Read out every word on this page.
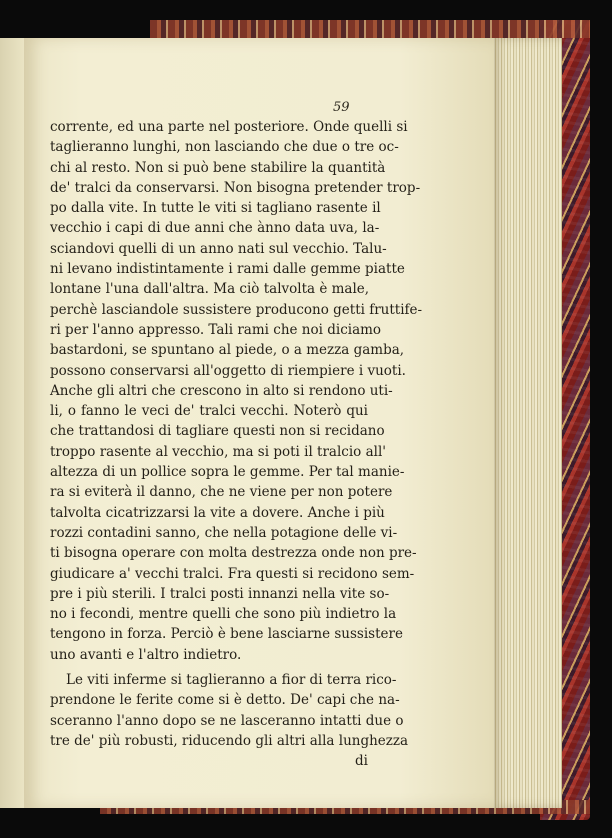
59
corrente, ed una parte nel posteriore. Onde quelli si
taglieranno lunghi, non lasciando che due o tre oc-
chi al resto. Non si può bene stabilire la quantità
de' tralci da conservarsi. Non bisogna pretender trop-
po dalla vite. In tutte le viti si tagliano rasente il
vecchio i capi di due anni che ànno data uva, la-
sciandovi quelli di un anno nati sul vecchio. Talu-
ni levano indistintamente i rami dalle gemme piatte
lontane l'una dall'altra. Ma ciò talvolta è male,
perchè lasciandole sussistere producono getti fruttife-
ri per l'anno appresso. Tali rami che noi diciamo
bastardoni, se spuntano al piede, o a mezza gamba,
possono conservarsi all'oggetto di riempiere i vuoti.
Anche gli altri che crescono in alto si rendono uti-
li, o fanno le veci de' tralci vecchi. Noterò qui
che trattandosi di tagliare questi non si recidano
troppo rasente al vecchio, ma si poti il tralcio all'
altezza di un pollice sopra le gemme. Per tal manie-
ra si eviterà il danno, che ne viene per non potere
talvolta cicatrizzarsi la vite a dovere. Anche i più
rozzi contadini sanno, che nella potagione delle vi-
ti bisogna operare con molta destrezza onde non pre-
giudicare a' vecchi tralci. Fra questi si recidono sem-
pre i più sterili. I tralci posti innanzi nella vite so-
no i fecondi, mentre quelli che sono più indietro la
tengono in forza. Perciò è bene lasciarne sussistere
uno avanti e l'altro indietro.
Le viti inferme si taglieranno a fior di terra rico-
prendone le ferite come si è detto. De' capi che na-
sceranno l'anno dopo se ne lasceranno intatti due o
tre de' più robusti, riducendo gli altri alla lunghezza
di
